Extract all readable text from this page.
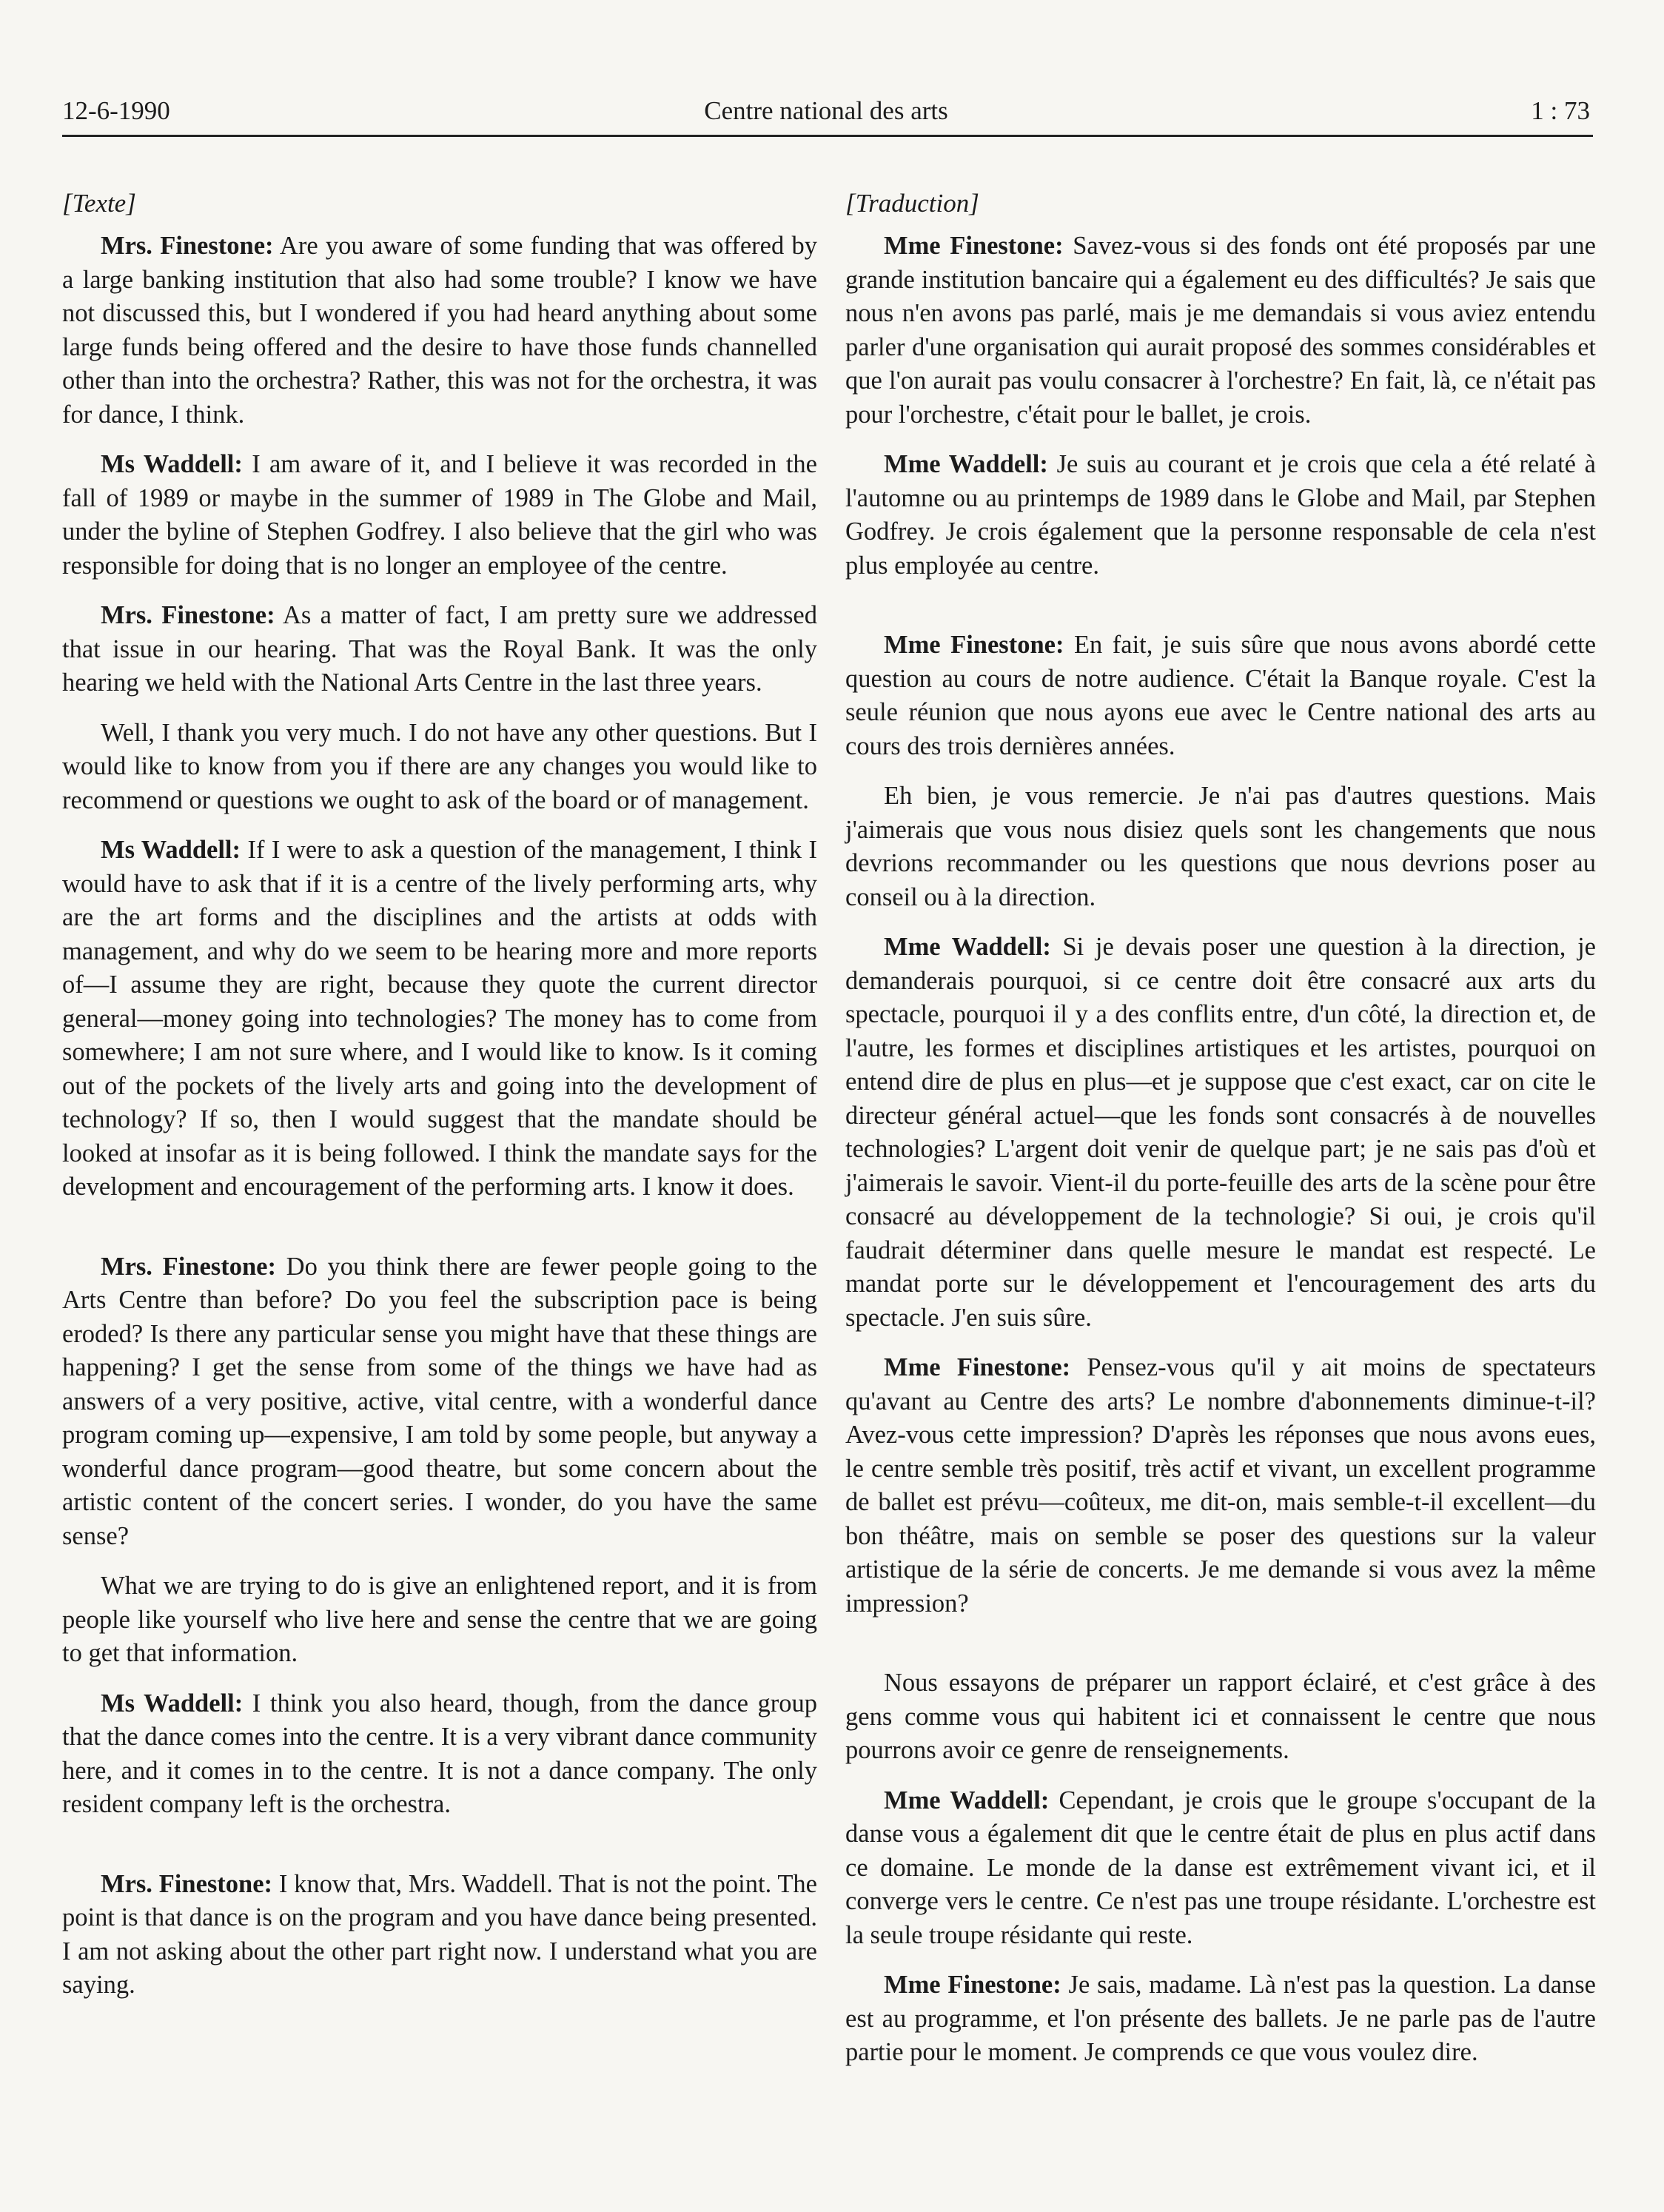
12-6-1990	Centre national des arts	1 : 73
[Texte]

Mrs. Finestone: Are you aware of some funding that was offered by a large banking institution that also had some trouble? I know we have not discussed this, but I wondered if you had heard anything about some large funds being offered and the desire to have those funds channelled other than into the orchestra? Rather, this was not for the orchestra, it was for dance, I think.

Ms Waddell: I am aware of it, and I believe it was recorded in the fall of 1989 or maybe in the summer of 1989 in The Globe and Mail, under the byline of Stephen Godfrey. I also believe that the girl who was responsible for doing that is no longer an employee of the centre.

Mrs. Finestone: As a matter of fact, I am pretty sure we addressed that issue in our hearing. That was the Royal Bank. It was the only hearing we held with the National Arts Centre in the last three years.

Well, I thank you very much. I do not have any other questions. But I would like to know from you if there are any changes you would like to recommend or questions we ought to ask of the board or of management.

Ms Waddell: If I were to ask a question of the management, I think I would have to ask that if it is a centre of the lively performing arts, why are the art forms and the disciplines and the artists at odds with management, and why do we seem to be hearing more and more reports of—I assume they are right, because they quote the current director general—money going into technologies? The money has to come from somewhere; I am not sure where, and I would like to know. Is it coming out of the pockets of the lively arts and going into the development of technology? If so, then I would suggest that the mandate should be looked at insofar as it is being followed. I think the mandate says for the development and encouragement of the performing arts. I know it does.

Mrs. Finestone: Do you think there are fewer people going to the Arts Centre than before? Do you feel the subscription pace is being eroded? Is there any particular sense you might have that these things are happening? I get the sense from some of the things we have had as answers of a very positive, active, vital centre, with a wonderful dance program coming up—expensive, I am told by some people, but anyway a wonderful dance program—good theatre, but some concern about the artistic content of the concert series. I wonder, do you have the same sense?

What we are trying to do is give an enlightened report, and it is from people like yourself who live here and sense the centre that we are going to get that information.

Ms Waddell: I think you also heard, though, from the dance group that the dance comes into the centre. It is a very vibrant dance community here, and it comes in to the centre. It is not a dance company. The only resident company left is the orchestra.

Mrs. Finestone: I know that, Mrs. Waddell. That is not the point. The point is that dance is on the program and you have dance being presented. I am not asking about the other part right now. I understand what you are saying.

[Traduction]

Mme Finestone: Savez-vous si des fonds ont été proposés par une grande institution bancaire qui a également eu des difficultés? Je sais que nous n'en avons pas parlé, mais je me demandais si vous aviez entendu parler d'une organisation qui aurait proposé des sommes considérables et que l'on aurait pas voulu consacrer à l'orchestre? En fait, là, ce n'était pas pour l'orchestre, c'était pour le ballet, je crois.

Mme Waddell: Je suis au courant et je crois que cela a été relaté à l'automne ou au printemps de 1989 dans le Globe and Mail, par Stephen Godfrey. Je crois également que la personne responsable de cela n'est plus employée au centre.

Mme Finestone: En fait, je suis sûre que nous avons abordé cette question au cours de notre audience. C'était la Banque royale. C'est la seule réunion que nous ayons eue avec le Centre national des arts au cours des trois dernières années.

Eh bien, je vous remercie. Je n'ai pas d'autres questions. Mais j'aimerais que vous nous disiez quels sont les changements que nous devrions recommander ou les questions que nous devrions poser au conseil ou à la direction.

Mme Waddell: Si je devais poser une question à la direction, je demanderais pourquoi, si ce centre doit être consacré aux arts du spectacle, pourquoi il y a des conflits entre, d'un côté, la direction et, de l'autre, les formes et disciplines artistiques et les artistes, pourquoi on entend dire de plus en plus—et je suppose que c'est exact, car on cite le directeur général actuel—que les fonds sont consacrés à de nouvelles technologies? L'argent doit venir de quelque part; je ne sais pas d'où et j'aimerais le savoir. Vient-il du porte-feuille des arts de la scène pour être consacré au développement de la technologie? Si oui, je crois qu'il faudrait déterminer dans quelle mesure le mandat est respecté. Le mandat porte sur le développement et l'encouragement des arts du spectacle. J'en suis sûre.

Mme Finestone: Pensez-vous qu'il y ait moins de spectateurs qu'avant au Centre des arts? Le nombre d'abonnements diminue-t-il? Avez-vous cette impression? D'après les réponses que nous avons eues, le centre semble très positif, très actif et vivant, un excellent programme de ballet est prévu—coûteux, me dit-on, mais semble-t-il excellent—du bon théâtre, mais on semble se poser des questions sur la valeur artistique de la série de concerts. Je me demande si vous avez la même impression?

Nous essayons de préparer un rapport éclairé, et c'est grâce à des gens comme vous qui habitent ici et connaissent le centre que nous pourrons avoir ce genre de renseignements.

Mme Waddell: Cependant, je crois que le groupe s'occupant de la danse vous a également dit que le centre était de plus en plus actif dans ce domaine. Le monde de la danse est extrêmement vivant ici, et il converge vers le centre. Ce n'est pas une troupe résidante. L'orchestre est la seule troupe résidante qui reste.

Mme Finestone: Je sais, madame. Là n'est pas la question. La danse est au programme, et l'on présente des ballets. Je ne parle pas de l'autre partie pour le moment. Je comprends ce que vous voulez dire.
